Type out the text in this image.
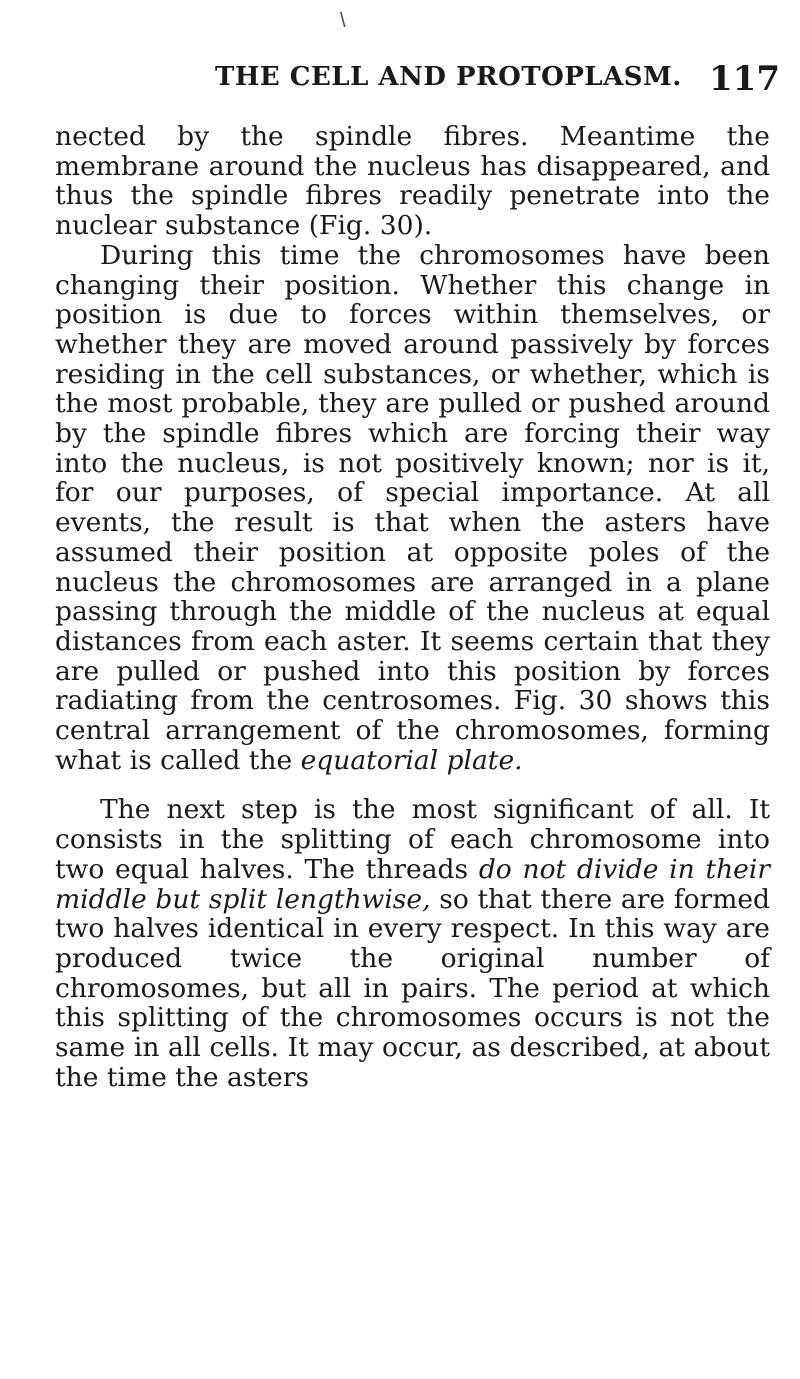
\
THE CELL AND PROTOPLASM. 117

nected by the spindle fibres. Meantime the membrane around the nucleus has disappeared, and thus the spindle fibres readily penetrate into the nuclear substance (Fig. 30).

During this time the chromosomes have been changing their position. Whether this change in position is due to forces within themselves, or whether they are moved around passively by forces residing in the cell substances, or whether, which is the most probable, they are pulled or pushed around by the spindle fibres which are forcing their way into the nucleus, is not positively known; nor is it, for our purposes, of special importance. At all events, the result is that when the asters have assumed their position at opposite poles of the nucleus the chromosomes are arranged in a plane passing through the middle of the nucleus at equal distances from each aster. It seems certain that they are pulled or pushed into this position by forces radiating from the centrosomes. Fig. 30 shows this central arrangement of the chromosomes, forming what is called the equatorial plate.

The next step is the most significant of all. It consists in the splitting of each chromosome into two equal halves. The threads do not divide in their middle but split lengthwise, so that there are formed two halves identical in every respect. In this way are produced twice the original number of chromosomes, but all in pairs. The period at which this splitting of the chromosomes occurs is not the same in all cells. It may occur, as described, at about the time the asters
